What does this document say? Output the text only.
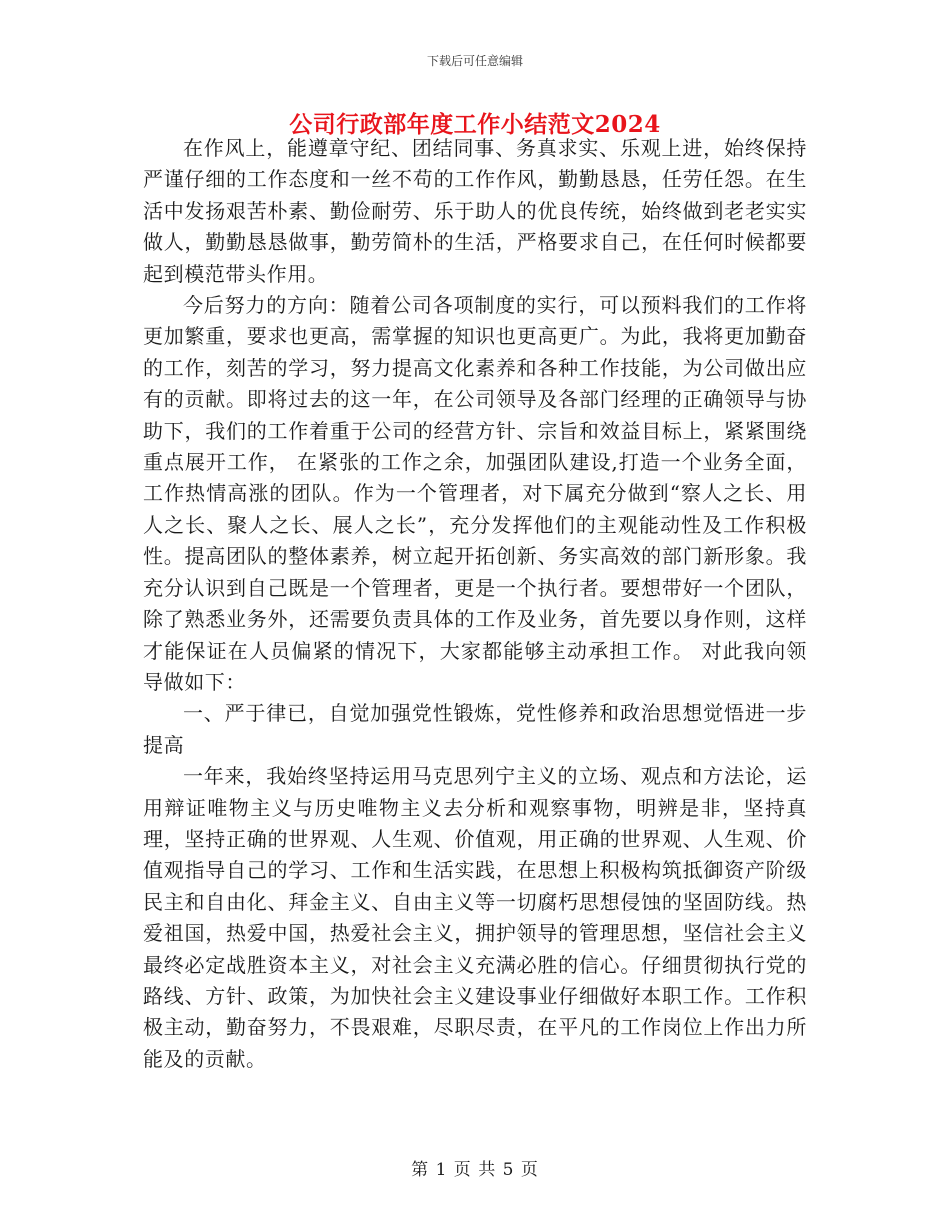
下载后可任意编辑
公司行政部年度工作小结范文2024

在作风上，能遵章守纪、团结同事、务真求实、乐观上进，始终保持严谨仔细的工作态度和一丝不苟的工作作风，勤勤恳恳，任劳任怨。在生活中发扬艰苦朴素、勤俭耐劳、乐于助人的优良传统，始终做到老老实实做人，勤勤恳恳做事，勤劳简朴的生活，严格要求自己，在任何时候都要起到模范带头作用。

今后努力的方向：随着公司各项制度的实行，可以预料我们的工作将更加繁重，要求也更高，需掌握的知识也更高更广。为此，我将更加勤奋的工作，刻苦的学习，努力提高文化素养和各种工作技能，为公司做出应有的贡献。即将过去的这一年，在公司领导及各部门经理的正确领导与协助下，我们的工作着重于公司的经营方针、宗旨和效益目标上，紧紧围绕重点展开工作， 在紧张的工作之余，加强团队建设,打造一个业务全面，工作热情高涨的团队。作为一个管理者，对下属充分做到“察人之长、用人之长、聚人之长、展人之长”，充分发挥他们的主观能动性及工作积极性。提高团队的整体素养，树立起开拓创新、务实高效的部门新形象。我充分认识到自己既是一个管理者，更是一个执行者。要想带好一个团队，除了熟悉业务外，还需要负责具体的工作及业务，首先要以身作则，这样才能保证在人员偏紧的情况下，大家都能够主动承担工作。 对此我向领导做如下：

一、严于律已，自觉加强党性锻炼，党性修养和政治思想觉悟进一步提高

一年来，我始终坚持运用马克思列宁主义的立场、观点和方法论，运用辩证唯物主义与历史唯物主义去分析和观察事物，明辨是非，坚持真理，坚持正确的世界观、人生观、价值观，用正确的世界观、人生观、价值观指导自己的学习、工作和生活实践，在思想上积极构筑抵御资产阶级民主和自由化、拜金主义、自由主义等一切腐朽思想侵蚀的坚固防线。热爱祖国，热爱中国，热爱社会主义，拥护领导的管理思想，坚信社会主义最终必定战胜资本主义，对社会主义充满必胜的信心。仔细贯彻执行党的路线、方针、政策，为加快社会主义建设事业仔细做好本职工作。工作积极主动，勤奋努力，不畏艰难，尽职尽责，在平凡的工作岗位上作出力所能及的贡献。

第 1 页 共 5 页
